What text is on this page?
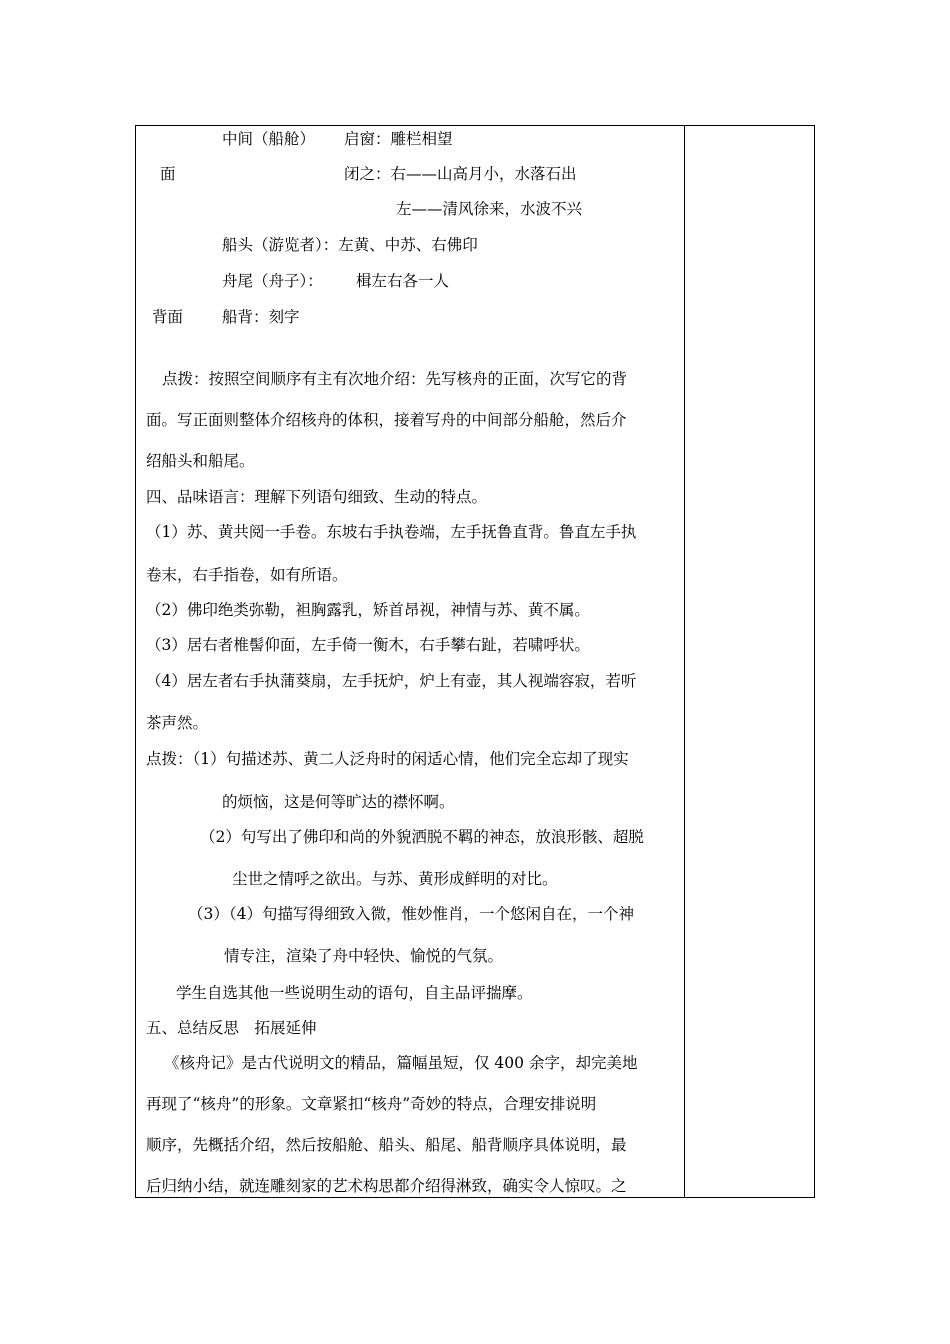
中间（船舱） 启窗：雕栏相望
面	闭之：右——山高月小，水落石出
左——清风徐来，水波不兴
船头（游览者）：左黄、中苏、右佛印
舟尾（舟子）： 楫左右各一人
背面	船背：刻字
点拨：按照空间顺序有主有次地介绍：先写核舟的正面，次写它的背
面。写正面则整体介绍核舟的体积，接着写舟的中间部分船舱，然后介
绍船头和船尾。
四、品味语言：理解下列语句细致、生动的特点。
（1）苏、黄共阅一手卷。东坡右手执卷端，左手抚鲁直背。鲁直左手执
卷末，右手指卷，如有所语。
（2）佛印绝类弥勒，袒胸露乳，矫首昂视，神情与苏、黄不属。
（3）居右者椎髻仰面，左手倚一衡木，右手攀右趾，若啸呼状。
（4）居左者右手执蒲葵扇，左手抚炉，炉上有壶，其人视端容寂，若听
茶声然。
点拨：（1）句描述苏、黄二人泛舟时的闲适心情，他们完全忘却了现实
的烦恼，这是何等旷达的襟怀啊。
（2）句写出了佛印和尚的外貌洒脱不羁的神态，放浪形骸、超脱
尘世之情呼之欲出。与苏、黄形成鲜明的对比。
（3）（4）句描写得细致入微，惟妙惟肖，一个悠闲自在，一个神
情专注，渲染了舟中轻快、愉悦的气氛。
学生自选其他一些说明生动的语句，自主品评揣摩。
五、总结反思　拓展延伸
《核舟记》是古代说明文的精品，篇幅虽短，仅 400 余字，却完美地
再现了“核舟”的形象。文章紧扣“核舟”奇妙的特点，合理安排说明
顺序，先概括介绍，然后按船舱、船头、船尾、船背顺序具体说明，最
后归纳小结，就连雕刻家的艺术构思都介绍得淋致，确实令人惊叹。之
